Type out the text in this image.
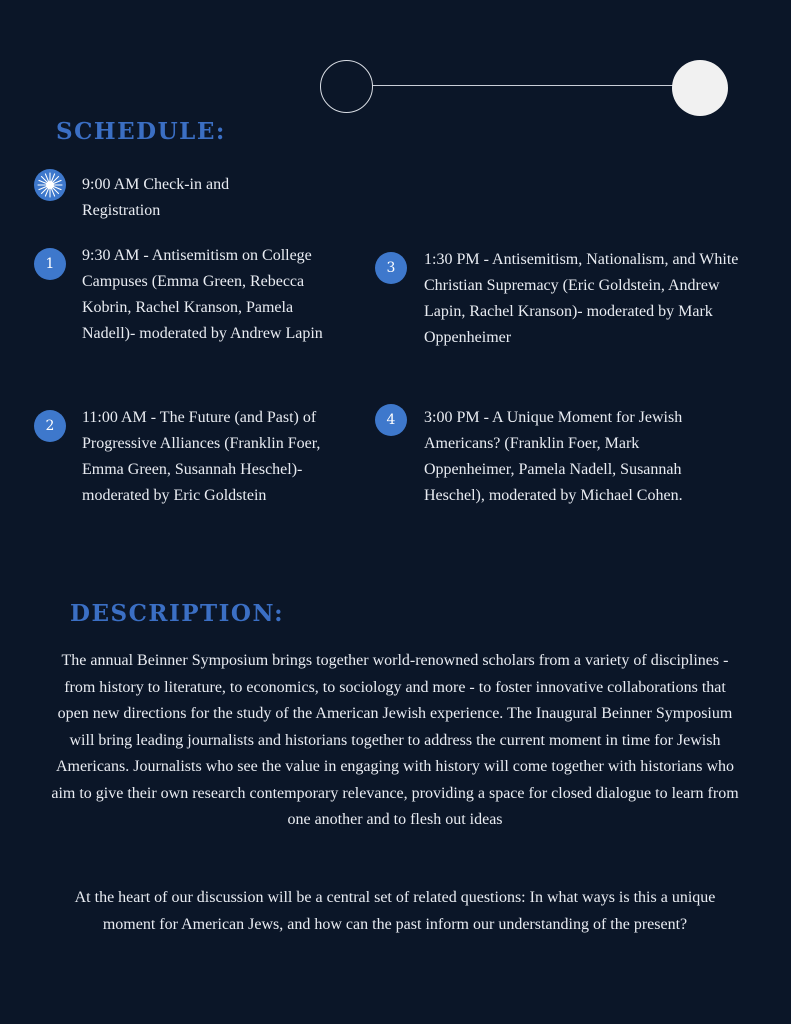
SCHEDULE:
9:00 AM Check-in and Registration
1	9:30 AM - Antisemitism on College Campuses (Emma Green, Rebecca Kobrin, Rachel Kranson, Pamela Nadell)- moderated by Andrew Lapin
2	11:00 AM - The Future (and Past) of Progressive Alliances (Franklin Foer, Emma Green, Susannah Heschel)- moderated by Eric Goldstein
3	1:30 PM - Antisemitism, Nationalism, and White Christian Supremacy (Eric Goldstein, Andrew Lapin, Rachel Kranson)- moderated by Mark Oppenheimer
4	3:00 PM - A Unique Moment for Jewish Americans? (Franklin Foer, Mark Oppenheimer, Pamela Nadell, Susannah Heschel), moderated by Michael Cohen.
DESCRIPTION:

The annual Beinner Symposium brings together world-renowned scholars from a variety of disciplines - from history to literature, to economics, to sociology and more - to foster innovative collaborations that open new directions for the study of the American Jewish experience. The Inaugural Beinner Symposium will bring leading journalists and historians together to address the current moment in time for Jewish Americans. Journalists who see the value in engaging with history will come together with historians who aim to give their own research contemporary relevance, providing a space for closed dialogue to learn from one another and to flesh out ideas

At the heart of our discussion will be a central set of related questions: In what ways is this a unique moment for American Jews, and how can the past inform our understanding of the present?
